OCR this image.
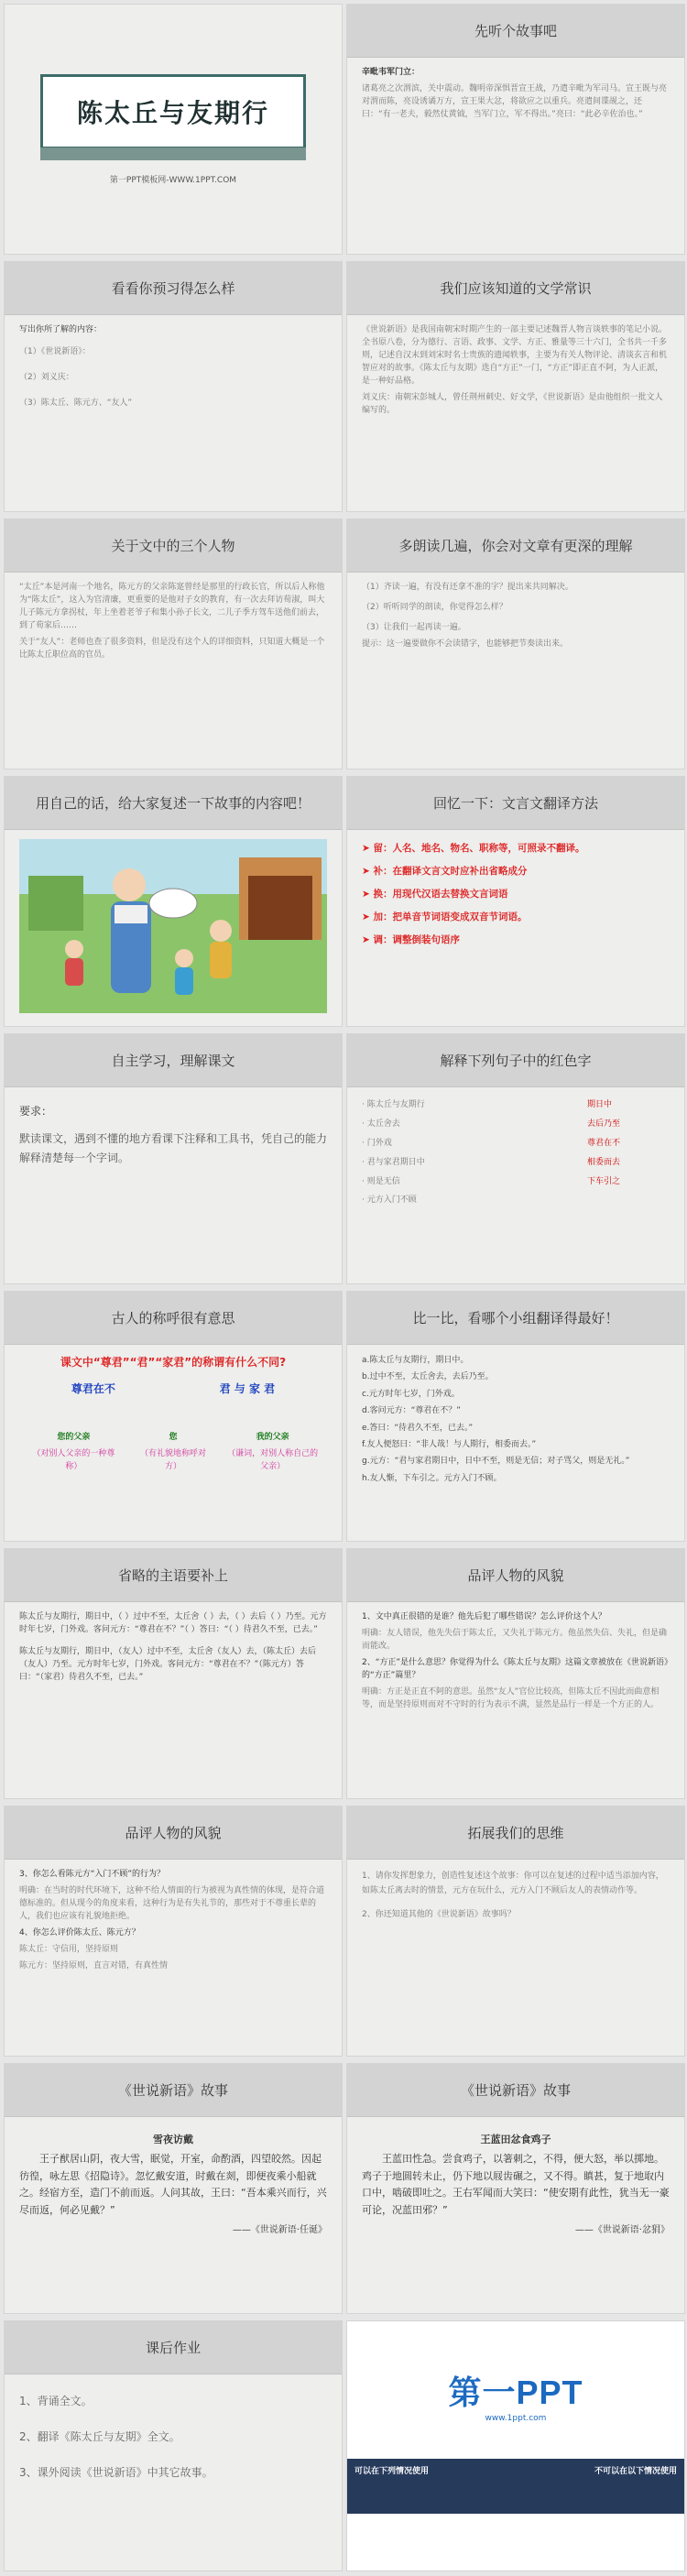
陈太丘与友期行
第一PPT模板网-WWW.1PPT.COM
先听个故事吧

辛毗韦军门立：

诸葛亮之次渭滨，关中震动。魏明帝深惧晋宣王战，乃遣辛毗为军司马。宣王既与亮对渭而陈，亮设诱谲万方，宣王果大忿，将欲应之以重兵。亮遣间谍觇之，还曰：“有一老夫，毅然仗黄钺，当军门立，军不得出。”亮曰：“此必辛佐治也。”

看看你预习得怎么样

写出你所了解的内容：

（1）《世说新语》：

（2）刘义庆：

（3）陈太丘、陈元方、“友人”

我们应该知道的文学常识

《世说新语》是我国南朝宋时期产生的一部主要记述魏晋人物言谈轶事的笔记小说。全书原八卷，分为德行、言语、政事、文学、方正、雅量等三十六门，全书共一千多则，记述自汉末到刘宋时名士贵族的遗闻轶事，主要为有关人物评论、清谈玄言和机智应对的故事。《陈太丘与友期》选自“方正”一门，“方正”即正直不阿，为人正派，是一种好品格。

刘义庆：南朝宋彭城人，曾任荆州刺史、好文学，《世说新语》是由他组织一批文人编写的。

关于文中的三个人物

“太丘”本是河南一个地名，陈元方的父亲陈寔曾经是那里的行政长官，所以后人称他为“陈太丘”，这入为官清廉，更重要的是他对子女的教育，有一次去拜访荀淑，叫大儿子陈元方拿拐杖，年上坐着老爷子和集小孙子长文，二儿子季方驾车送他们前去，到了荀家后……

关于“友人”：老师也查了很多资料，但是没有这个人的详细资料，只知道大概是一个比陈太丘职位高的官员。

多朗读几遍，你会对文章有更深的理解

（1）齐读一遍，有没有还拿不准的字？提出来共同解决。

（2）听听同学的朗读，你觉得怎么样？

（3）让我们一起再读一遍。

提示：这一遍要做你不会读错字，也能够把节奏读出来。

用自己的话，给大家复述一下故事的内容吧！	回忆一下：文言文翻译方法

➤ 留：人名、地名、物名、职称等，可照录不翻译。

➤ 补：在翻译文言文时应补出省略成分

➤ 换：用现代汉语去替换文言词语

➤ 加：把单音节词语变成双音节词语。

➤ 调：调整倒装句语序

自主学习，理解课文

要求：

默读课文，遇到不懂的地方看课下注释和工具书，凭自己的能力解释清楚每一个字词。

解释下列句子中的红色字
· 陈太丘与友期行	期日中
· 太丘舍去	去后乃至
· 门外戏	尊君在不
· 君与家君期日中	相委而去
· 则是无信	下车引之
· 元方入门不顾
古人的称呼很有意思

课文中“尊君”“君”“家君”的称谓有什么不同?

尊君在不	君 与 家 君

您的父亲

（对别人父亲的一种尊称）

您

（有礼貌地称呼对方）

我的父亲

（谦词，对别人称自己的父亲）

比一比，看哪个小组翻译得最好！

a.陈太丘与友期行，期日中。

b.过中不至，太丘舍去，去后乃至。

c.元方时年七岁，门外戏。

d.客问元方：“尊君在不？”

e.答曰：“待君久不至，已去。”

f.友人便怒曰：“非人哉！与人期行，相委而去。”

g.元方：“君与家君期日中，日中不至，则是无信；对子骂父，则是无礼。”

h.友人惭，下车引之。元方入门不顾。

省略的主语要补上

陈太丘与友期行，期日中，（ ）过中不至，太丘舍（ ）去，（ ）去后（ ）乃至。元方时年七岁，门外戏。客问元方：“尊君在不？”（ ）答曰：“（ ）待君久不至，已去。”

陈太丘与友期行，期日中，（友人）过中不至，太丘舍（友人）去，（陈太丘）去后（友人）乃至。元方时年七岁，门外戏。客问元方：“尊君在不？”（陈元方）答曰：“（家君）待君久不至，已去。”

品评人物的风貌

1、文中真正很错的是谁？他先后犯了哪些错误？怎么评价这个人？

明确：友人错误，他先失信于陈太丘，又失礼于陈元方。他虽然失信、失礼，但是确而能改。

2、“方正”是什么意思？你觉得为什么《陈太丘与友期》这篇文章被放在《世说新语》的“方正”篇里？

明确：方正是正直不阿的意思。虽然“友人”官位比较高，但陈太丘不因此而曲意相等，而是坚持原则而对不守时的行为表示不满，显然是品行一样是一个方正的人。

品评人物的风貌

3、你怎么看陈元方“入门不顾”的行为？

明确：在当时的时代环境下，这种不给人情面的行为被视为真性情的体现，是符合道德标准的。但从现今的角度来看，这种行为是有失礼节的，那些对于不尊重长辈的人，我们也应该有礼貌地拒绝。

4、你怎么评价陈太丘、陈元方？

陈太丘：守信用，坚持原则

陈元方：坚持原则，直言对错，有真性情

拓展我们的思维

1、请你发挥想象力，创造性复述这个故事：你可以在复述的过程中适当添加内容，如陈太丘离去时的情景，元方在玩什么，元方入门不顾后友人的表情动作等。

2、你还知道其他的《世说新语》故事吗？

《世说新语》故事

雪夜访戴

王子猷居山阴，夜大雪，眠觉，开室，命酌酒，四望皎然。因起彷徨，咏左思《招隐诗》。忽忆戴安道，时戴在剡，即便夜乘小船就之。经宿方至，造门不前而返。人问其故，王曰：“吾本乘兴而行，兴尽而返，何必见戴？”

——《世说新语·任诞》

《世说新语》故事

王蓝田忿食鸡子

王蓝田性急。尝食鸡子，以箸刺之，不得，便大怒，举以掷地。鸡子于地圆转未止，仍下地以屐齿碾之，又不得。瞋甚，复于地取内口中，啮破即吐之。王右军闻而大笑曰：“使安期有此性，犹当无一豪可论，况蓝田邪？”

——《世说新语·忿狷》

课后作业

1、背诵全文。

2、翻译《陈太丘与友期》全文。

3、课外阅读《世说新语》中其它故事。

第一PPT
www.1ppt.com
可以在下列情况使用	不可以在以下情况使用
